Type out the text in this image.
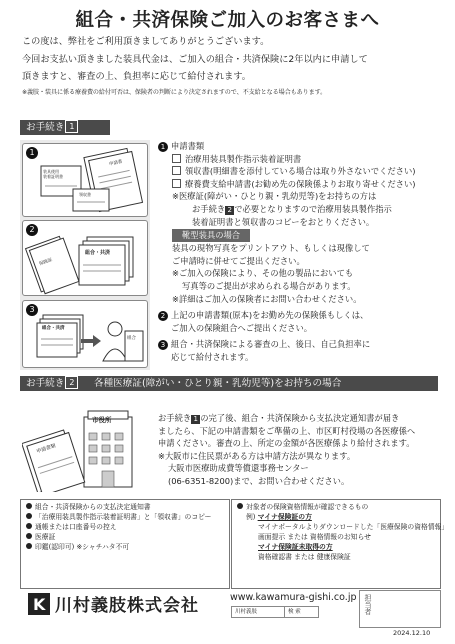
組合・共済保険ご加入のお客さまへ
この度は、弊社をご利用頂きましてありがとうございます。
今回お支払い頂きました装具代金は、ご加入の組合・共済保険に2年以内に申請して
頂きますと、審査の上、負担率に応じて給付されます。
※義肢・装具に係る療養費の給付可否は、保険者の判断により決定されますので、不支給となる場合もあります。
お手続き 1
1
申請書
装具使用
装着証明書
領収書
2
保険証
組合・共済
3
組合・共済
組合
1 申請書類
治療用装具製作指示装着証明書
領収書(明細書を添付している場合は取り外さないでください)
療養費支給申請書(お勧め先の保険係よりお取り寄せください)
※医療証(障がい・ひとり親・乳幼児等)をお持ちの方は
お手続き 2 で必要となりますので治療用装具製作指示
装着証明書と領収書のコピーをおとりください。
靴型装具の場合
装具の現物写真をプリントアウト、もしくは現像して
ご申請時に併せてご提出ください。
※ご加入の保険により、その他の製品においても
写真等のご提出が求められる場合があります。
※詳細はご加入の保険者にお問い合わせください。
2 上記の申請書類(原本)をお勤め先の保険係もしくは、
ご加入の保険組合へご提出ください。
3 組合・共済保険による審査の上、後日、自己負担率に
応じて給付されます。
お手続き 2	各種医療証(障がい・ひとり親・乳幼児等)をお持ちの場合
市役所
申請書類
お手続き 1 の完了後、組合・共済保険から支払決定通知書が届き
ましたら、下記の申請書類をご準備の上、市区町村役場の各医療係へ
申請ください。審査の上、所定の金額が各医療係より給付されます。
※大阪市に住民票がある方は申請方法が異なります。
大阪市医療助成費等償還事務センター
(06-6351-8200)まで、お問い合わせください。
組合・共済保険からの支払決定通知書
「治療用装具製作指示装着証明書」と「領収書」のコピー
通帳または口座番号の控え
医療証
印鑑(認印可) ※シャチハタ不可
対象者の保険資格情報が確認できるもの
例) マイナ保険証の方
マイナポータルよりダウンロードした「医療保険の資格情報」
画面提示 または 資格情報のお知らせ
マイナ保険証未取得の方
資格確認書 または 健康保険証
K 川村義肢株式会社	www.kawamura-gishi.co.jp
川村義肢	検 索	担当者
2024.12.10
